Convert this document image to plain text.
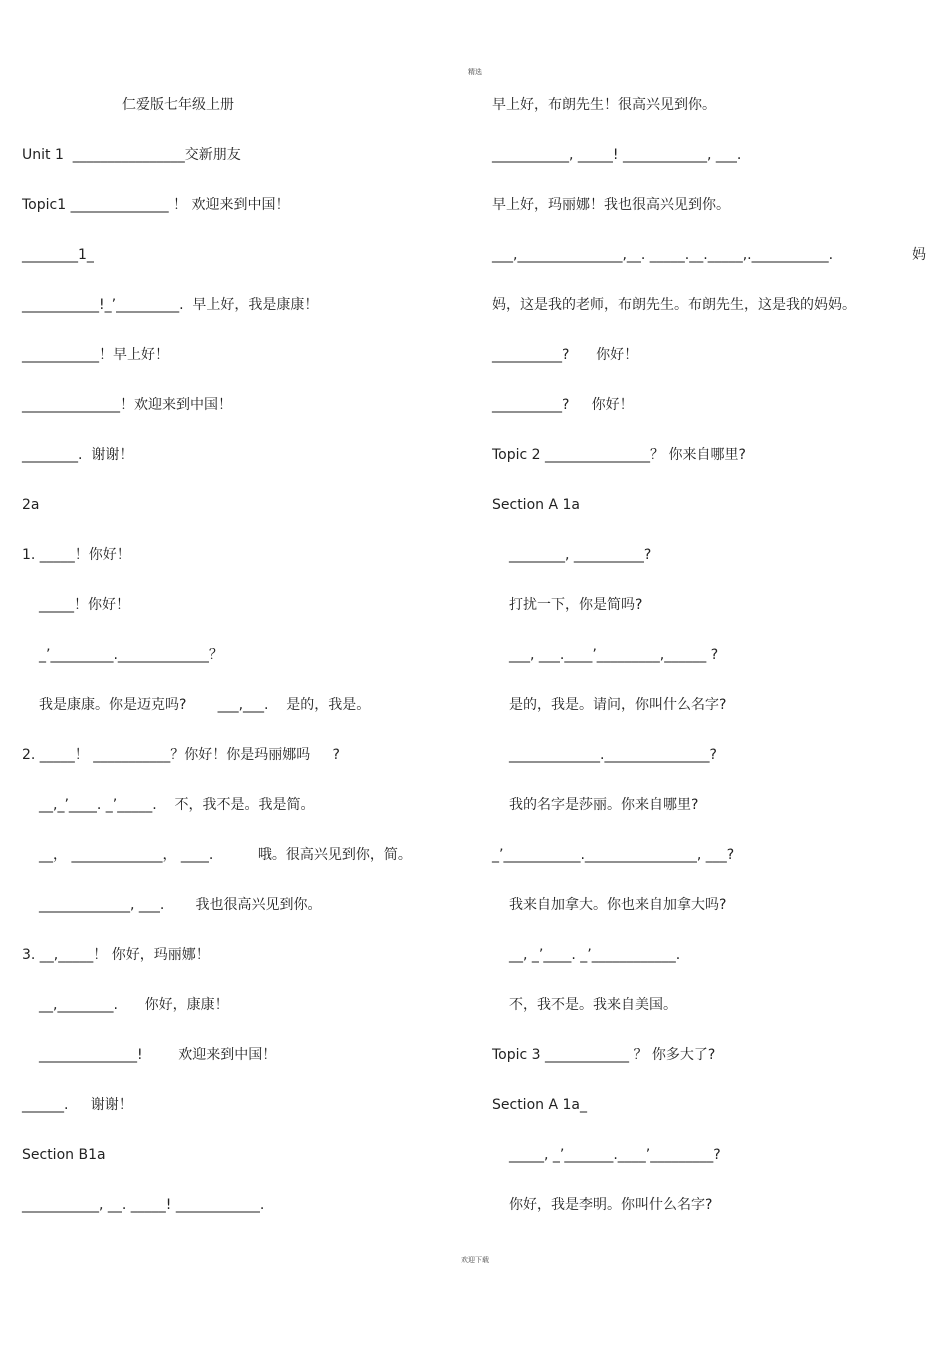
精选
仁爱版七年级上册
Unit 1  ________________交新朋友
Topic1 ______________ ！ 欢迎来到中国！
________1_
___________!_’_________.  早上好，我是康康！
___________！早上好！
______________！欢迎来到中国！
________.  谢谢！
2a
1. _____！你好！
_____！你好！
_’_________._____________？
我是康康。你是迈克吗?       ___,___.    是的，我是。
2. _____！ ___________？你好！你是玛丽娜吗     ?
__,_’____. _’_____.    不，我不是。我是简。
__， _____________， ____.          哦。很高兴见到你，简。
_____________, ___.       我也很高兴见到你。
3. __,_____！ 你好，玛丽娜！
__,________.      你好，康康！
______________!        欢迎来到中国！
______.     谢谢！
Section B1a
___________, __. _____! ____________.
早上好，布朗先生！很高兴见到你。
___________, _____! ____________, ___.
早上好，玛丽娜！我也很高兴见到你。
___,_______________,__. _____.__._____,.___________.	妈
妈，这是我的老师，布朗先生。布朗先生，这是我的妈妈。
__________?      你好！
__________?     你好！
Topic 2 _______________？ 你来自哪里?
Section A 1a
________, __________?
打扰一下，你是简吗?
___, ___.____’_________,______ ?
是的，我是。请问，你叫什么名字?
_____________._______________?
我的名字是莎丽。你来自哪里?
_’___________.________________, ___?
我来自加拿大。你也来自加拿大吗?
__, _’____. _’____________.
不，我不是。我来自美国。
Topic 3 ____________ ？ 你多大了?
Section A 1a_
_____, _’_______.____’_________?
你好，我是李明。你叫什么名字?
欢迎下载
